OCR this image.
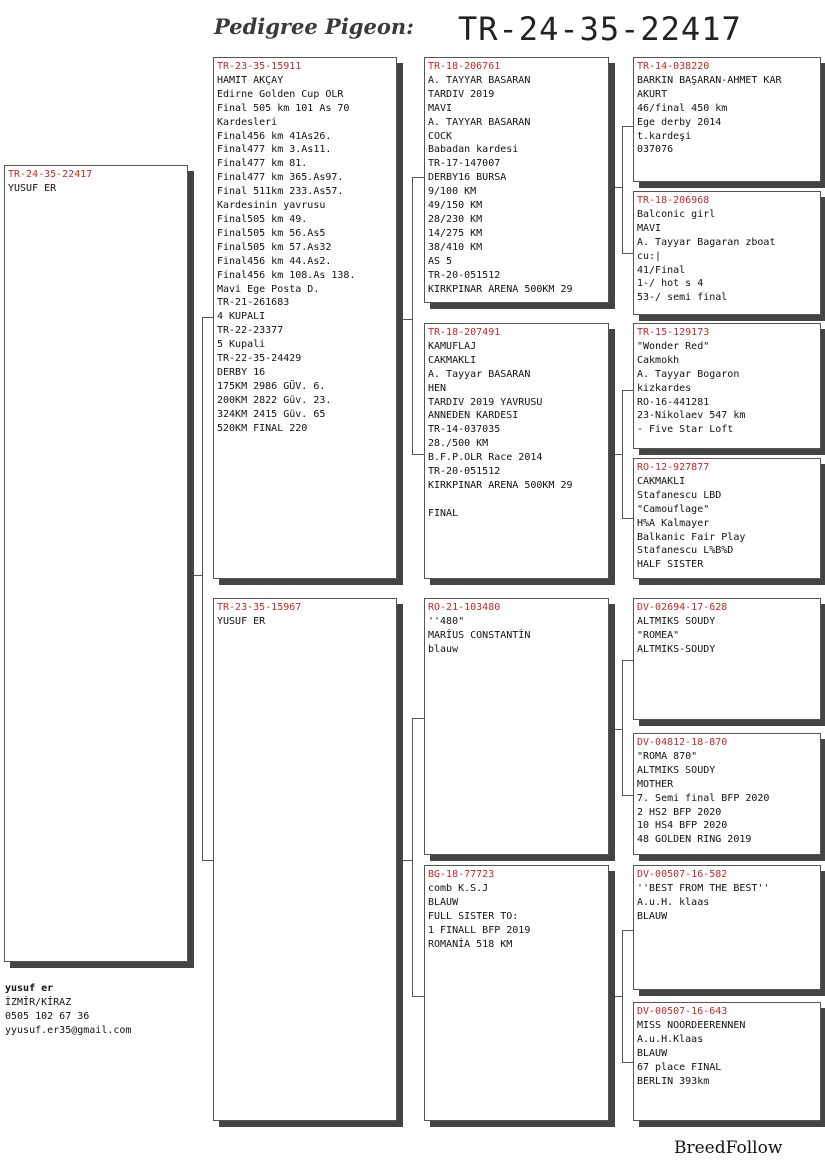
Pedigree Pigeon: TR-24-35-22417
TR-24-35-22417
YUSUF ER
TR-23-35-15911
HAMIT AKÇAY
Edirne Golden Cup OLR
Final 505 km 101 As 70
Kardesleri
Final456 km 41As26.
Final477 km 3.As11.
Final477 km 81.
Final477 km 365.As97.
Final 511km 233.As57.
Kardesinin yavrusu
Final505 km 49.
Final505 km 56.As5
Final505 km 57.As32
Final456 km 44.As2.
Final456 km 108.As 138.
Mavi Ege Posta D.
TR-21-261683
4 KUPALI
TR-22-23377
5 Kupali
TR-22-35-24429
DERBY 16
175KM 2986 GÜV. 6.
200KM 2822 Güv. 23.
324KM 2415 Güv. 65
520KM FINAL 220
TR-23-35-15967
YUSUF ER
TR-18-206761
A. TAYYAR BASARAN
TARDIV 2019
MAVI
A. TAYYAR BASARAN
COCK
Babadan kardesi
TR-17-147007
DERBY16 BURSA
9/100 KM
49/150 KM
28/230 KM
14/275 KM
38/410 KM
AS 5
TR-20-051512
KIRKPINAR ARENA 500KM 29
TR-18-207491
KAMUFLAJ
CAKMAKLI
A. Tayyar BASARAN
HEN
TARDIV 2019 YAVRUSU
ANNEDEN KARDESI
TR-14-037035
28./500 KM
B.F.P.OLR Race 2014
TR-20-051512
KIRKPINAR ARENA 500KM 29

FINAL
RO-21-103480
''480"
MARİUS CONSTANTİN
blauw
BG-18-77723
comb K.S.J
BLAUW
FULL SISTER TO:
1 FINALL BFP 2019
ROMANİA 518 KM
TR-14-038220
BARKIN BAŞARAN-AHMET KAR
AKURT
46/final 450 km
Ege derby 2014
t.kardeşi
037076
TR-18-206968
Balconic girl
MAVI
A. Tayyar Bagaran zboat
cu:|
41/Final
1-/ hot s 4
53-/ semi final
TR-15-129173
"Wonder Red"
Cakmokh
A. Tayyar Bogaron
kizkardes
RO-16-441281
23-Nikolaev 547 km
- Five Star Loft
RO-12-927877
CAKMAKLI
Stafanescu LBD
"Camouflage"
H%A Kalmayer
Balkanic Fair Play
Stafanescu L%B%D
HALF SISTER
DV-02694-17-628
ALTMIKS SOUDY
"ROMEA"
ALTMIKS-SOUDY
DV-04812-18-870
"ROMA 870"
ALTMIKS SOUDY
MOTHER
7. Semi final BFP 2020
2 HS2 BFP 2020
10 HS4 BFP 2020
48 GOLDEN RING 2019
DV-00507-16-582
''BEST FROM THE BEST''
A.u.H. klaas
BLAUW
DV-00507-16-643
MISS NOORDEERENNEN
A.u.H.Klaas
BLAUW
67 place FINAL
BERLIN 393km
yusuf er
İZMİR/KİRAZ
0505 102 67 36
yyusuf.er35@gmail.com
BreedFollow
